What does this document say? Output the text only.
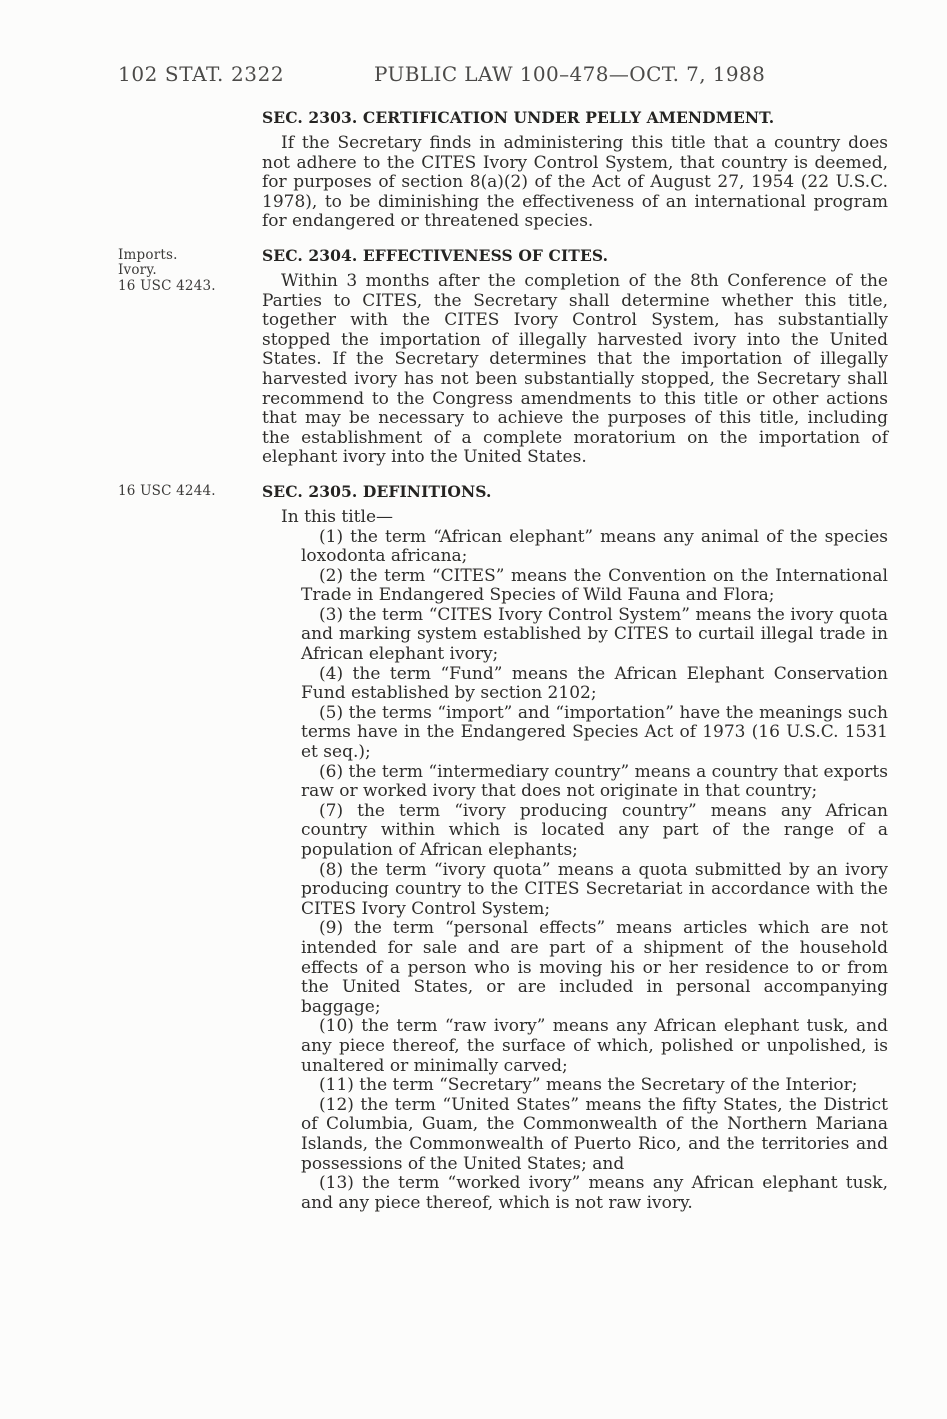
102 STAT. 2322	PUBLIC LAW 100–478—OCT. 7, 1988
SEC. 2303. CERTIFICATION UNDER PELLY AMENDMENT.

If the Secretary finds in administering this title that a country does not adhere to the CITES Ivory Control System, that country is deemed, for purposes of section 8(a)(2) of the Act of August 27, 1954 (22 U.S.C. 1978), to be diminishing the effectiveness of an international program for endangered or threatened species.

Imports.
Ivory.
16 USC 4243.
SEC. 2304. EFFECTIVENESS OF CITES.

Within 3 months after the completion of the 8th Conference of the Parties to CITES, the Secretary shall determine whether this title, together with the CITES Ivory Control System, has substantially stopped the importation of illegally harvested ivory into the United States. If the Secretary determines that the importation of illegally harvested ivory has not been substantially stopped, the Secretary shall recommend to the Congress amendments to this title or other actions that may be necessary to achieve the purposes of this title, including the establishment of a complete moratorium on the importation of elephant ivory into the United States.

16 USC 4244.	SEC. 2305. DEFINITIONS.

In this title—

(1) the term “African elephant” means any animal of the species loxodonta africana;

(2) the term “CITES” means the Convention on the International Trade in Endangered Species of Wild Fauna and Flora;

(3) the term “CITES Ivory Control System” means the ivory quota and marking system established by CITES to curtail illegal trade in African elephant ivory;

(4) the term “Fund” means the African Elephant Conservation Fund established by section 2102;

(5) the terms “import” and “importation” have the meanings such terms have in the Endangered Species Act of 1973 (16 U.S.C. 1531 et seq.);

(6) the term “intermediary country” means a country that exports raw or worked ivory that does not originate in that country;

(7) the term “ivory producing country” means any African country within which is located any part of the range of a population of African elephants;

(8) the term “ivory quota” means a quota submitted by an ivory producing country to the CITES Secretariat in accordance with the CITES Ivory Control System;

(9) the term “personal effects” means articles which are not intended for sale and are part of a shipment of the household effects of a person who is moving his or her residence to or from the United States, or are included in personal accompanying baggage;

(10) the term “raw ivory” means any African elephant tusk, and any piece thereof, the surface of which, polished or unpolished, is unaltered or minimally carved;

(11) the term “Secretary” means the Secretary of the Interior;

(12) the term “United States” means the fifty States, the District of Columbia, Guam, the Commonwealth of the Northern Mariana Islands, the Commonwealth of Puerto Rico, and the territories and possessions of the United States; and

(13) the term “worked ivory” means any African elephant tusk, and any piece thereof, which is not raw ivory.
